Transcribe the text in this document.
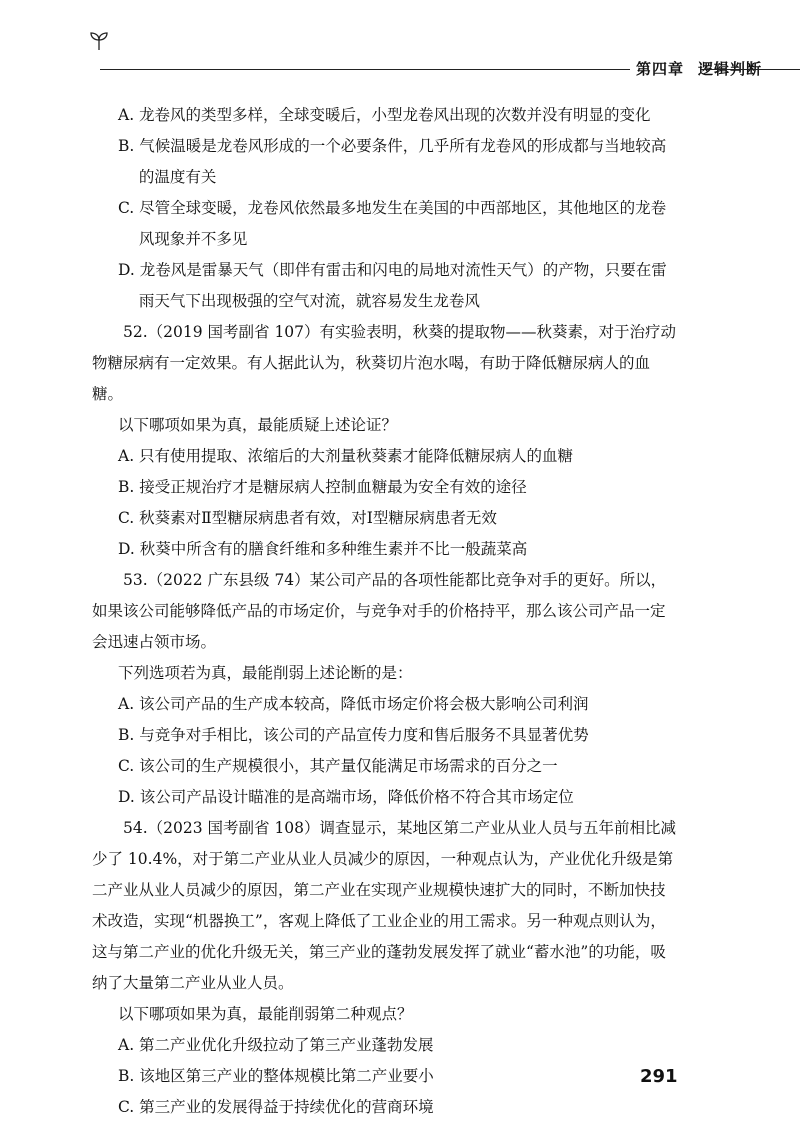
第四章 逻辑判断

A. 龙卷风的类型多样，全球变暖后，小型龙卷风出现的次数并没有明显的变化

B. 气候温暖是龙卷风形成的一个必要条件，几乎所有龙卷风的形成都与当地较高的温度有关

C. 尽管全球变暖，龙卷风依然最多地发生在美国的中西部地区，其他地区的龙卷风现象并不多见

D. 龙卷风是雷暴天气（即伴有雷击和闪电的局地对流性天气）的产物，只要在雷雨天气下出现极强的空气对流，就容易发生龙卷风

52.（2019 国考副省 107）有实验表明，秋葵的提取物——秋葵素，对于治疗动物糖尿病有一定效果。有人据此认为，秋葵切片泡水喝，有助于降低糖尿病人的血糖。

以下哪项如果为真，最能质疑上述论证？

A. 只有使用提取、浓缩后的大剂量秋葵素才能降低糖尿病人的血糖

B. 接受正规治疗才是糖尿病人控制血糖最为安全有效的途径

C. 秋葵素对Ⅱ型糖尿病患者有效，对Ⅰ型糖尿病患者无效

D. 秋葵中所含有的膳食纤维和多种维生素并不比一般蔬菜高

53.（2022 广东县级 74）某公司产品的各项性能都比竞争对手的更好。所以，如果该公司能够降低产品的市场定价，与竞争对手的价格持平，那么该公司产品一定会迅速占领市场。

下列选项若为真，最能削弱上述论断的是：

A. 该公司产品的生产成本较高，降低市场定价将会极大影响公司利润

B. 与竞争对手相比，该公司的产品宣传力度和售后服务不具显著优势

C. 该公司的生产规模很小，其产量仅能满足市场需求的百分之一

D. 该公司产品设计瞄准的是高端市场，降低价格不符合其市场定位

54.（2023 国考副省 108）调查显示，某地区第二产业从业人员与五年前相比减少了 10.4%，对于第二产业从业人员减少的原因，一种观点认为，产业优化升级是第二产业从业人员减少的原因，第二产业在实现产业规模快速扩大的同时，不断加快技术改造，实现“机器换工”，客观上降低了工业企业的用工需求。另一种观点则认为，这与第二产业的优化升级无关，第三产业的蓬勃发展发挥了就业“蓄水池”的功能，吸纳了大量第二产业从业人员。

以下哪项如果为真，最能削弱第二种观点？

A. 第二产业优化升级拉动了第三产业蓬勃发展

B. 该地区第三产业的整体规模比第二产业要小

C. 第三产业的发展得益于持续优化的营商环境

291
